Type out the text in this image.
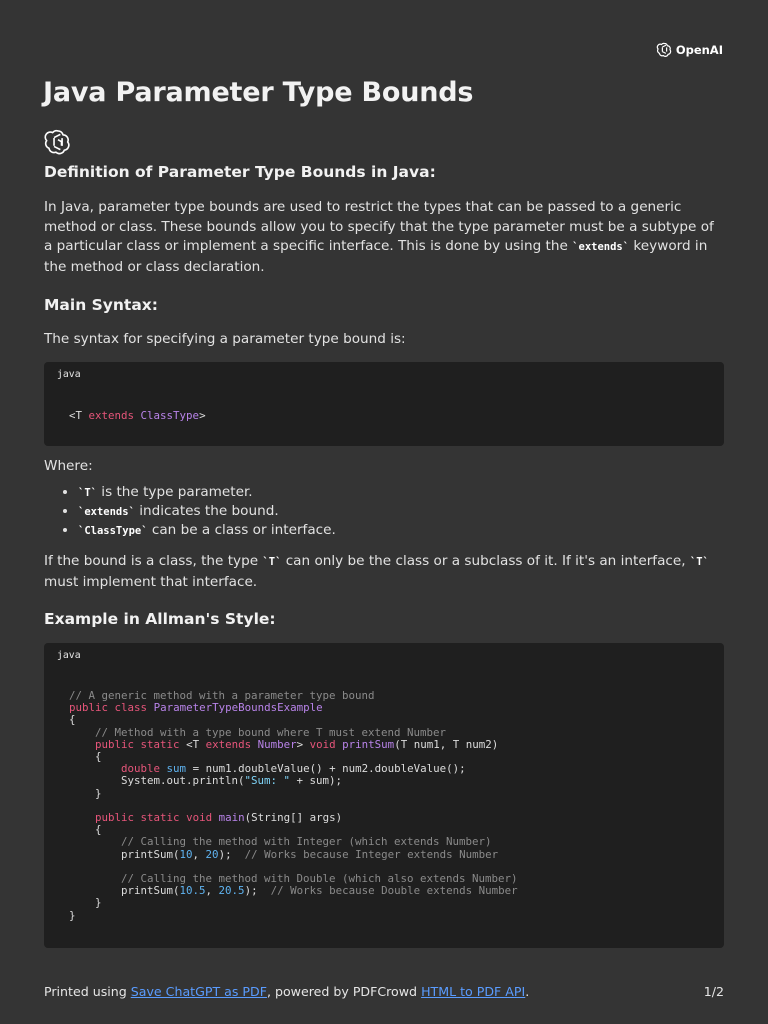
OpenAI
Java Parameter Type Bounds
Definition of Parameter Type Bounds in Java:

In Java, parameter type bounds are used to restrict the types that can be passed to a generic method or class. These bounds allow you to specify that the type parameter must be a subtype of a particular class or implement a specific interface. This is done by using the `extends` keyword in the method or class declaration.

Main Syntax:

The syntax for specifying a parameter type bound is:

java
<T extends ClassType>

Where:

• `T` is the type parameter.
• `extends` indicates the bound.
• `ClassType` can be a class or interface.

If the bound is a class, the type `T` can only be the class or a subclass of it. If it's an interface, `T` must implement that interface.

Example in Allman's Style:
java
// A generic method with a parameter type bound
public class ParameterTypeBoundsExample
{
// Method with a type bound where T must extend Number
public static <T extends Number> void printSum(T num1, T num2)
{
double sum = num1.doubleValue() + num2.doubleValue();
System.out.println("Sum: " + sum);
}
public static void main(String[] args)
{
// Calling the method with Integer (which extends Number)
printSum(10, 20);  // Works because Integer extends Number
// Calling the method with Double (which also extends Number)
printSum(10.5, 20.5);  // Works because Double extends Number
}
}
Printed using Save ChatGPT as PDF, powered by PDFCrowd HTML to PDF API.	1/2
